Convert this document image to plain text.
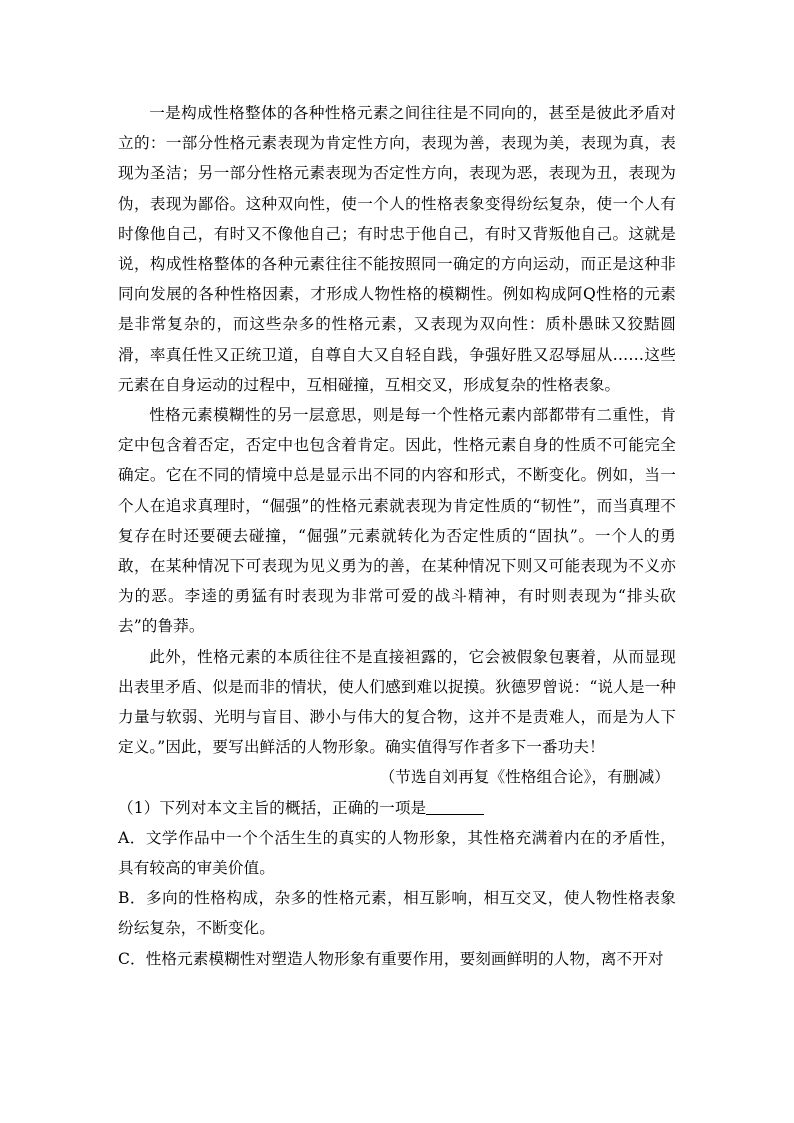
一是构成性格整体的各种性格元素之间往往是不同向的，甚至是彼此矛盾对立的：一部分性格元素表现为肯定性方向，表现为善，表现为美，表现为真，表现为圣洁；另一部分性格元素表现为否定性方向，表现为恶，表现为丑，表现为伪，表现为鄙俗。这种双向性，使一个人的性格表象变得纷纭复杂，使一个人有时像他自己，有时又不像他自己；有时忠于他自己，有时又背叛他自己。这就是说，构成性格整体的各种元素往往不能按照同一确定的方向运动，而正是这种非同向发展的各种性格因素，才形成人物性格的模糊性。例如构成阿Q性格的元素是非常复杂的，而这些杂多的性格元素，又表现为双向性：质朴愚昧又狡黠圆滑，率真任性又正统卫道，自尊自大又自轻自践，争强好胜又忍辱屈从……这些元素在自身运动的过程中，互相碰撞，互相交叉，形成复杂的性格表象。

性格元素模糊性的另一层意思，则是每一个性格元素内部都带有二重性，肯定中包含着否定，否定中也包含着肯定。因此，性格元素自身的性质不可能完全确定。它在不同的情境中总是显示出不同的内容和形式，不断变化。例如，当一个人在追求真理时，“倔强”的性格元素就表现为肯定性质的“韧性”，而当真理不复存在时还要硬去碰撞，“倔强”元素就转化为否定性质的“固执”。一个人的勇敢，在某种情况下可表现为见义勇为的善，在某种情况下则又可能表现为不义亦为的恶。李逵的勇猛有时表现为非常可爱的战斗精神，有时则表现为“排头砍去”的鲁莽。

此外，性格元素的本质往往不是直接袒露的，它会被假象包裹着，从而显现出表里矛盾、似是而非的情状，使人们感到难以捉摸。狄德罗曾说：“说人是一种力量与软弱、光明与盲目、渺小与伟大的复合物，这并不是责难人，而是为人下定义。”因此，要写出鲜活的人物形象。确实值得写作者多下一番功夫！

（节选自刘再复《性格组合论》，有删减）

（1）下列对本文主旨的概括，正确的一项是

A．文学作品中一个个活生生的真实的人物形象，其性格充满着内在的矛盾性，具有较高的审美价值。

B．多向的性格构成，杂多的性格元素，相互影响，相互交叉，使人物性格表象纷纭复杂，不断变化。

C．性格元素模糊性对塑造人物形象有重要作用，要刻画鲜明的人物，离不开对
